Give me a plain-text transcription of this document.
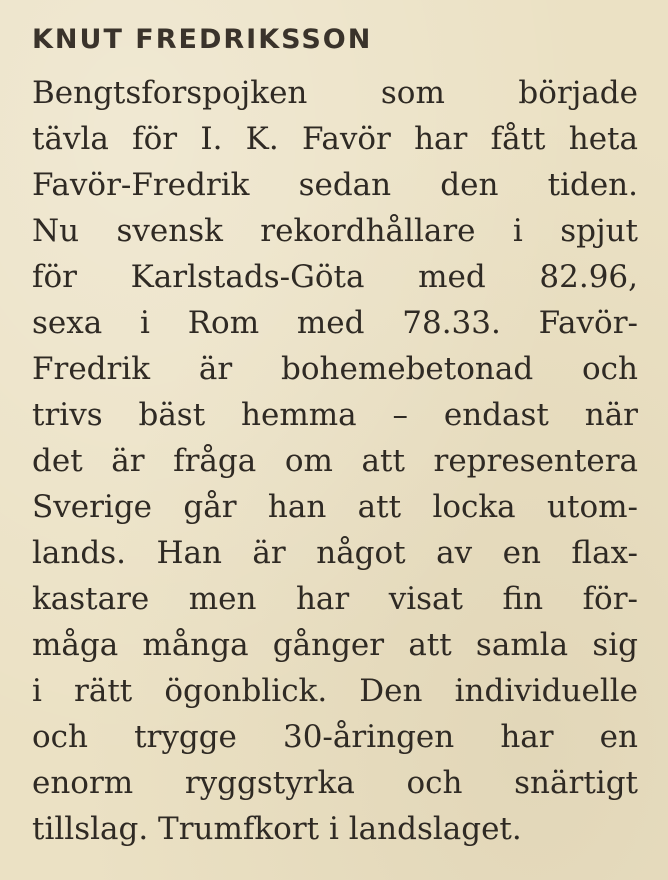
KNUT FREDRIKSSON
Bengtsforspojken som började
tävla för I. K. Favör har fått heta
Favör-Fredrik sedan den tiden.
Nu svensk rekordhållare i spjut
för Karlstads-Göta med 82.96,
sexa i Rom med 78.33. Favör-
Fredrik är bohemebetonad och
trivs bäst hemma – endast när
det är fråga om att representera
Sverige går han att locka utom-
lands. Han är något av en flax-
kastare men har visat fin för-
måga många gånger att samla sig
i rätt ögonblick. Den individuelle
och trygge 30-åringen har en
enorm ryggstyrka och snärtigt
tillslag. Trumfkort i landslaget.
